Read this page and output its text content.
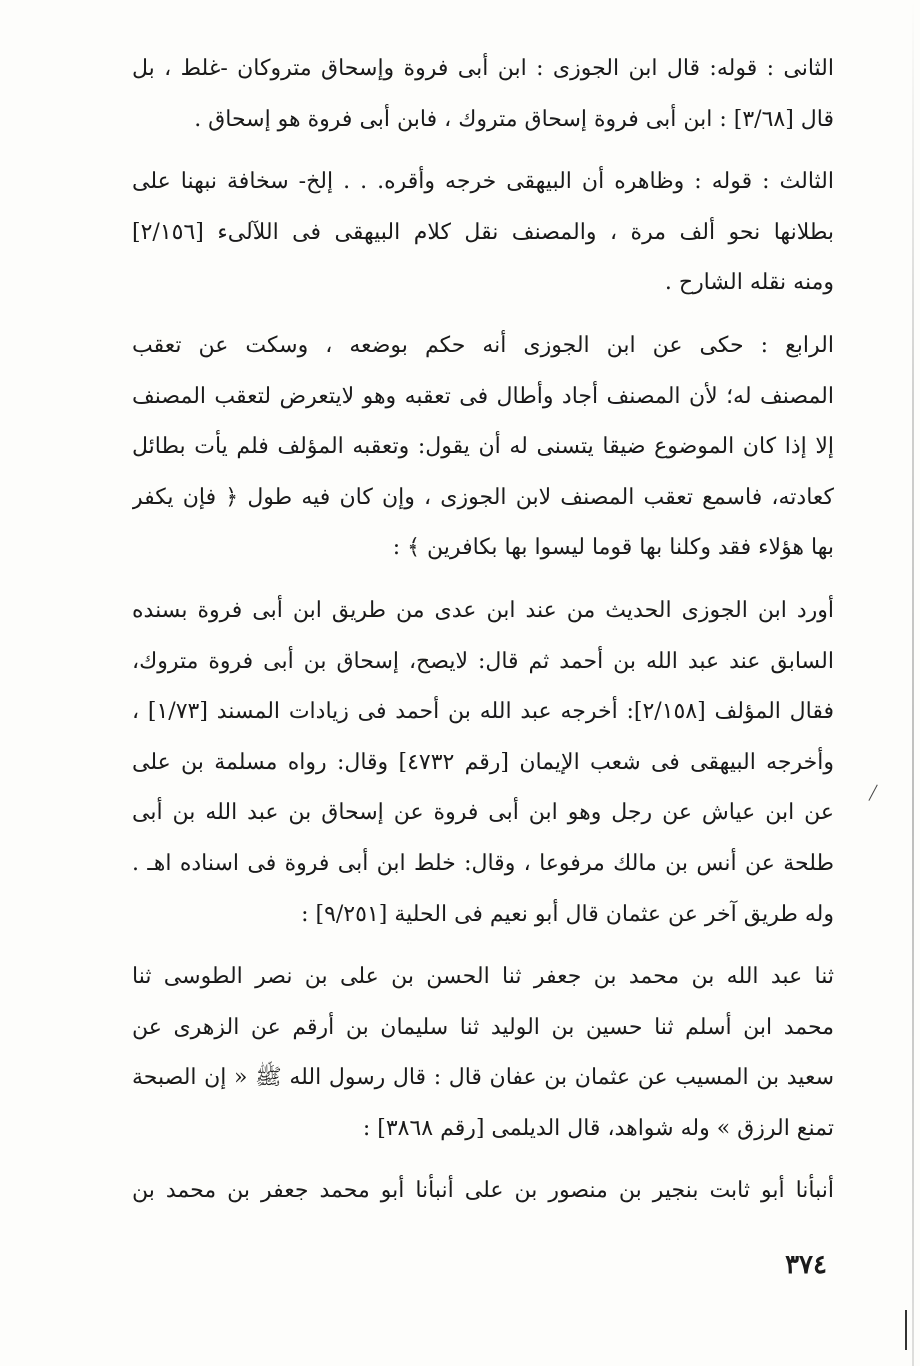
الثانى : قوله: قال ابن الجوزى : ابن أبى فروة وإسحاق متروكان -غلط ، بل
قال [٣/٦٨] : ابن أبى فروة إسحاق متروك ، فابن أبى فروة هو إسحاق .

الثالث : قوله : وظاهره أن البيهقى خرجه وأقره. . . إلخ- سخافة نبهنا على
بطلانها نحو ألف مرة ، والمصنف نقل كلام البيهقى فى اللآلىء [٢/١٥٦]
ومنه نقله الشارح .

الرابع : حكى عن ابن الجوزى أنه حكم بوضعه ، وسكت عن تعقب
المصنف له؛ لأن المصنف أجاد وأطال فى تعقبه وهو لايتعرض لتعقب المصنف
إلا إذا كان الموضوع ضيقا يتسنى له أن يقول: وتعقبه المؤلف فلم يأت بطائل
كعادته، فاسمع تعقب المصنف لابن الجوزى ، وإن كان فيه طول ﴿ فإن يكفر
بها هؤلاء فقد وكلنا بها قوما ليسوا بها بكافرين ﴾ :

أورد ابن الجوزى الحديث من عند ابن عدى من طريق ابن أبى فروة بسنده
السابق عند عبد الله بن أحمد ثم قال: لايصح، إسحاق بن أبى فروة متروك،
فقال المؤلف [٢/١٥٨]: أخرجه عبد الله بن أحمد فى زيادات المسند [١/٧٣] ،
وأخرجه البيهقى فى شعب الإيمان [رقم ٤٧٣٢] وقال: رواه مسلمة بن على
عن ابن عياش عن رجل وهو ابن أبى فروة عن إسحاق بن عبد الله بن أبى
طلحة عن أنس بن مالك مرفوعا ، وقال: خلط ابن أبى فروة فى اسناده اهـ .
وله طريق آخر عن عثمان قال أبو نعيم فى الحلية [٩/٢٥١] :

ثنا عبد الله بن محمد بن جعفر ثنا الحسن بن على بن نصر الطوسى ثنا
محمد ابن أسلم ثنا حسين بن الوليد ثنا سليمان بن أرقم عن الزهرى عن
سعيد بن المسيب عن عثمان بن عفان قال : قال رسول الله ﷺ « إن الصبحة
تمنع الرزق » وله شواهد، قال الديلمى [رقم ٣٨٦٨] :

أنبأنا أبو ثابت بنجير بن منصور بن على أنبأنا أبو محمد جعفر بن محمد بن

٣٧٤
